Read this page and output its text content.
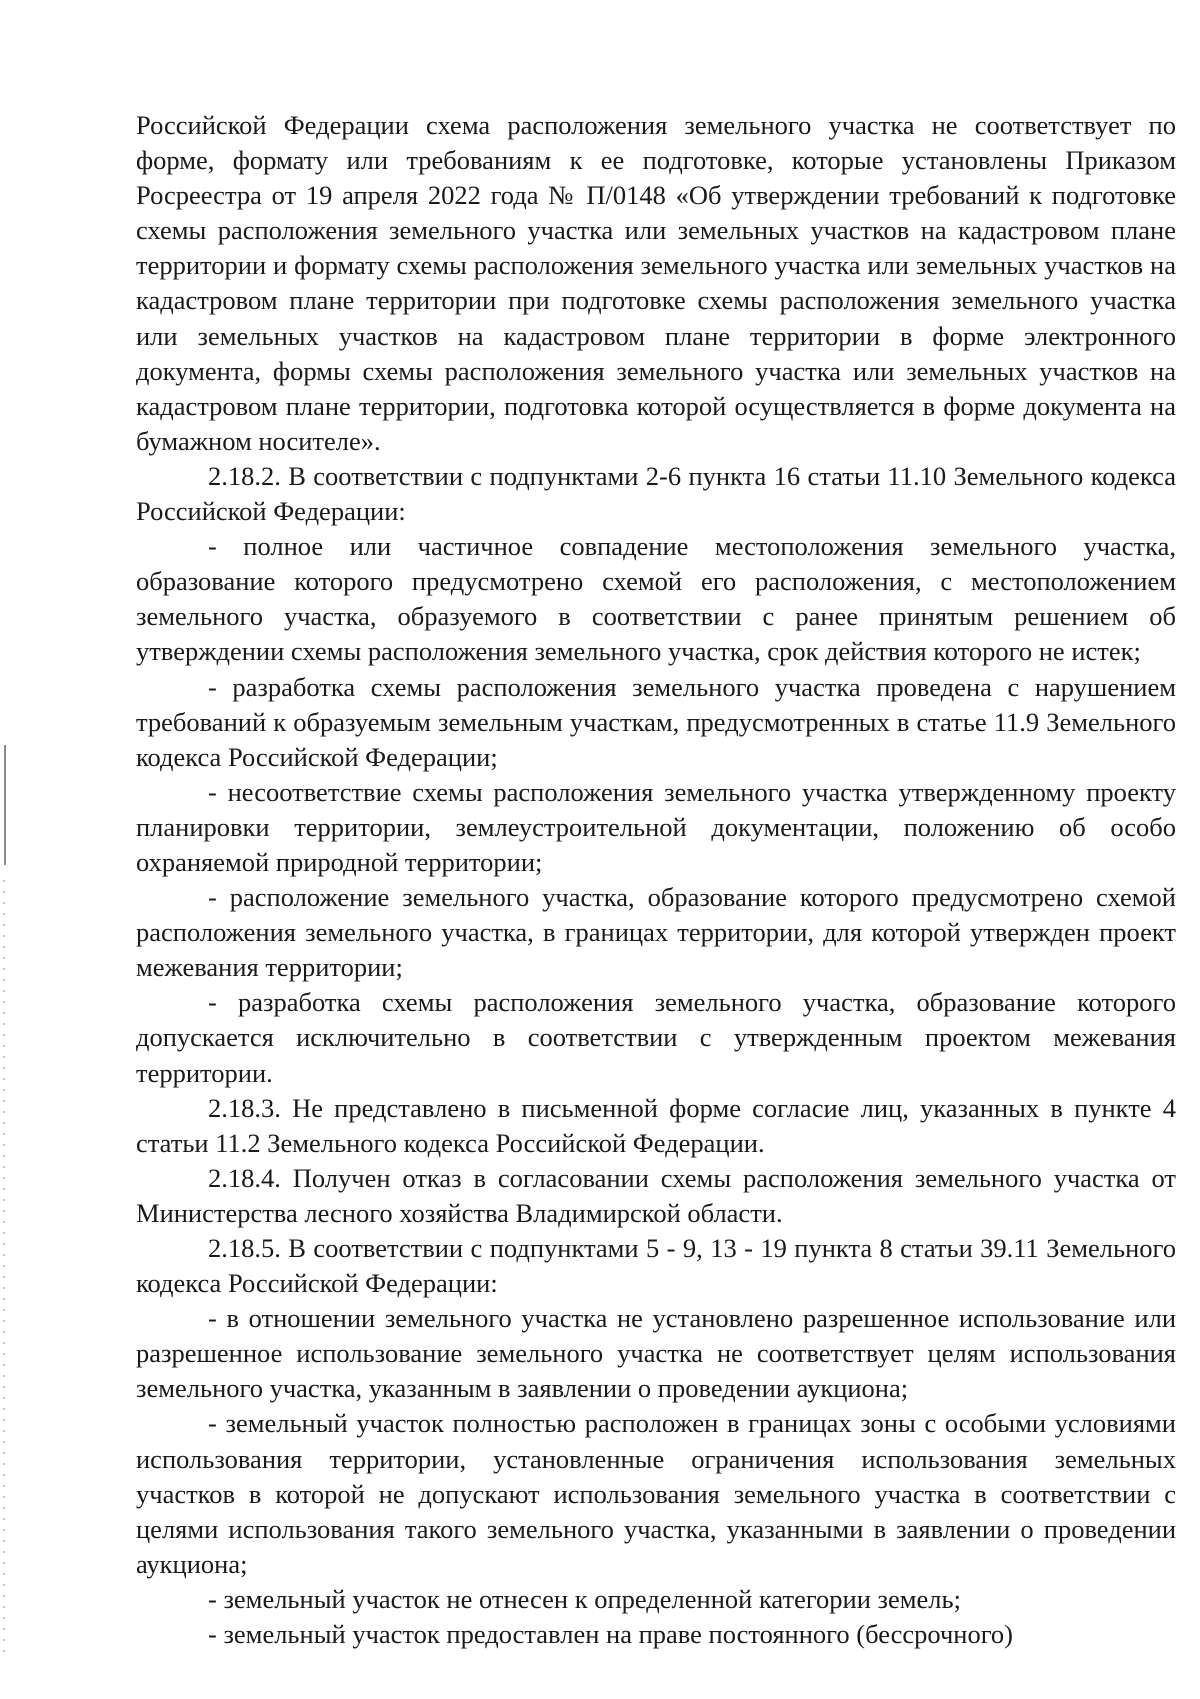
Российской Федерации схема расположения земельного участка не соответствует по форме, формату или требованиям к ее подготовке, которые установлены Приказом Росреестра от 19 апреля 2022 года № П/0148 «Об утверждении требований к подготовке схемы расположения земельного участка или земельных участков на кадастровом плане территории и формату схемы расположения земельного участка или земельных участков на кадастровом плане территории при подготовке схемы расположения земельного участка или земельных участков на кадастровом плане территории в форме электронного документа, формы схемы расположения земельного участка или земельных участков на кадастровом плане территории, подготовка которой осуществляется в форме документа на бумажном носителе».

2.18.2. В соответствии с подпунктами 2-6 пункта 16 статьи 11.10 Земельного кодекса Российской Федерации:

- полное или частичное совпадение местоположения земельного участка, образование которого предусмотрено схемой его расположения, с местоположением земельного участка, образуемого в соответствии с ранее принятым решением об утверждении схемы расположения земельного участка, срок действия которого не истек;

- разработка схемы расположения земельного участка проведена с нарушением требований к образуемым земельным участкам, предусмотренных в статье 11.9 Земельного кодекса Российской Федерации;

- несоответствие схемы расположения земельного участка утвержденному проекту планировки территории, землеустроительной документации, положению об особо охраняемой природной территории;

- расположение земельного участка, образование которого предусмотрено схемой расположения земельного участка, в границах территории, для которой утвержден проект межевания территории;

- разработка схемы расположения земельного участка, образование которого допускается исключительно в соответствии с утвержденным проектом межевания территории.

2.18.3. Не представлено в письменной форме согласие лиц, указанных в пункте 4 статьи 11.2 Земельного кодекса Российской Федерации.

2.18.4. Получен отказ в согласовании схемы расположения земельного участка от Министерства лесного хозяйства Владимирской области.

2.18.5. В соответствии с подпунктами 5 - 9, 13 - 19 пункта 8 статьи 39.11 Земельного кодекса Российской Федерации:

- в отношении земельного участка не установлено разрешенное использование или разрешенное использование земельного участка не соответствует целям использования земельного участка, указанным в заявлении о проведении аукциона;

- земельный участок полностью расположен в границах зоны с особыми условиями использования территории, установленные ограничения использования земельных участков в которой не допускают использования земельного участка в соответствии с целями использования такого земельного участка, указанными в заявлении о проведении аукциона;

- земельный участок не отнесен к определенной категории земель;

- земельный участок предоставлен на праве постоянного (бессрочного)
